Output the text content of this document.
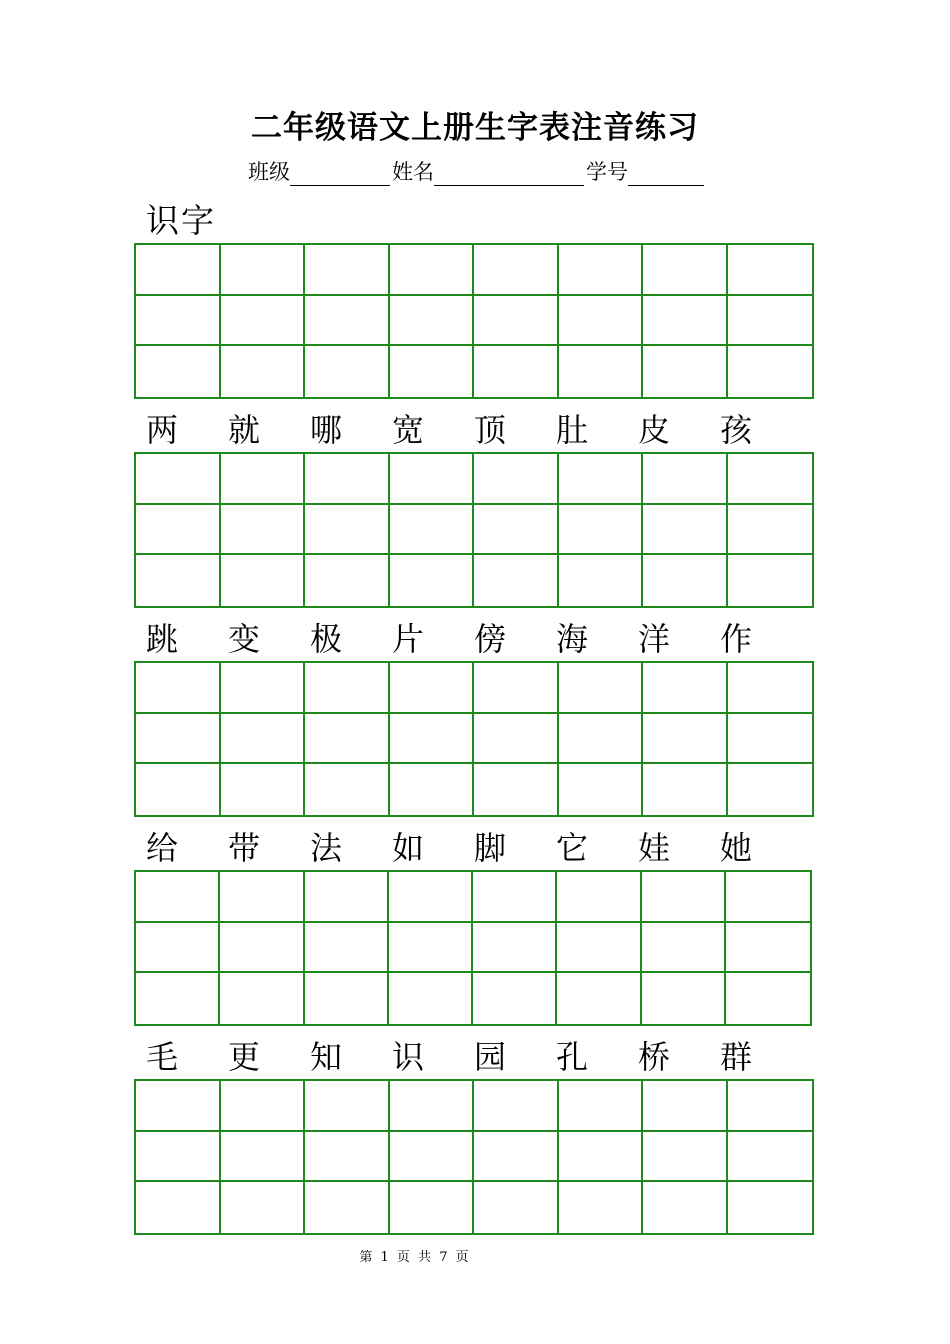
二年级语文上册生字表注音练习
班级	姓名	学号
识字
两	就	哪	宽	顶	肚	皮	孩
跳	变	极	片	傍	海	洋	作
给	带	法	如	脚	它	娃	她
毛	更	知	识	园	孔	桥	群
第 1 页 共 7 页
